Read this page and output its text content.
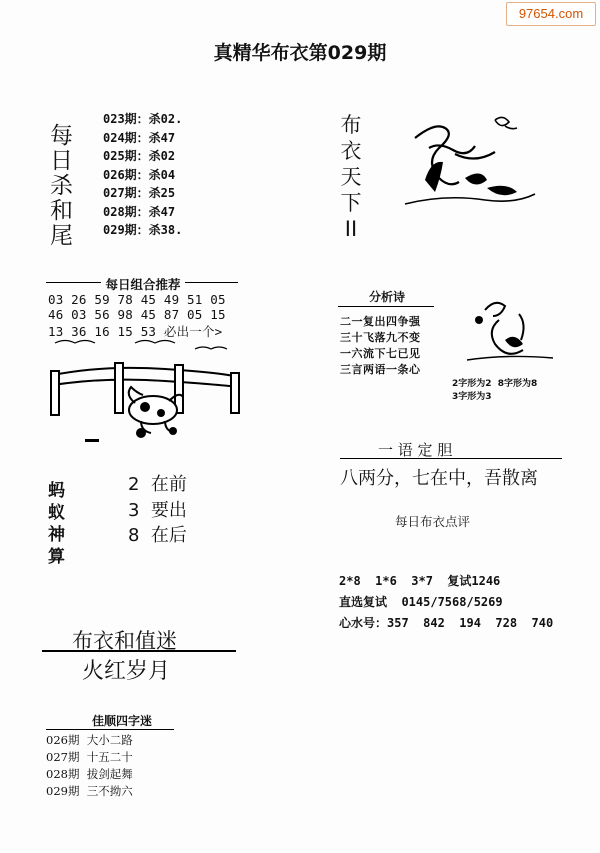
97654.com
真精华布衣第029期
每
日
杀
和
尾
023期：杀02.
024期：杀47
025期：杀02
026期：杀04
027期：杀25
028期：杀47
029期：杀38.
每日组合推荐
03 26 59 78 45 49 51 05
46 03 56 98 45 87 05 15
13 36 16 15 53 必出一个>
蚂
蚁
神
算
2  在前
3  要出
8  在后
布衣和值迷
火红岁月
佳顺四字迷
026期  大小二路
027期  十五二十
028期  拔剑起舞
029期  三不拗六
布
衣
天
下
II
分析诗
二一复出四争强
三十飞落九不变
一六流下七已见
三言两语一条心
2字形为2  8字形为8
3字形为3
一 语 定 胆
八两分，七在中，吾散离
每日布衣点评
2*8  1*6  3*7  复试1246
直选复试  0145/7568/5269
心水号：357  842  194  728  740
